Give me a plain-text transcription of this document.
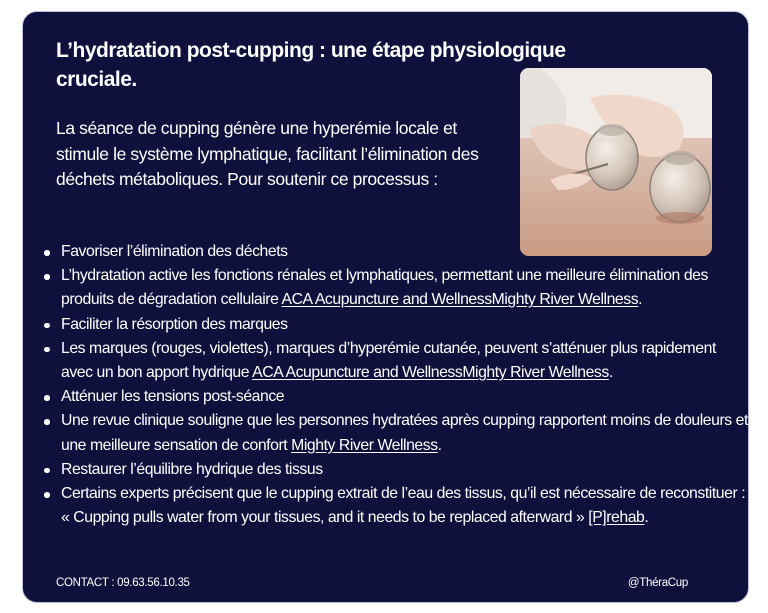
L’hydratation post-cupping : une étape physiologique cruciale.

La séance de cupping génère une hyperémie locale et stimule le système lymphatique, facilitant l’élimination des déchets métaboliques. Pour soutenir ce processus :

Favoriser l’élimination des déchets
L’hydratation active les fonctions rénales et lymphatiques, permettant une meilleure élimination des produits de dégradation cellulaire ACA Acupuncture and WellnessMighty River Wellness.
Faciliter la résorption des marques
Les marques (rouges, violettes), marques d’hyperémie cutanée, peuvent s’atténuer plus rapidement avec un bon apport hydrique ACA Acupuncture and WellnessMighty River Wellness.
Atténuer les tensions post-séance
Une revue clinique souligne que les personnes hydratées après cupping rapportent moins de douleurs et une meilleure sensation de confort Mighty River Wellness.
Restaurer l’équilibre hydrique des tissus
Certains experts précisent que le cupping extrait de l’eau des tissus, qu’il est nécessaire de reconstituer : « Cupping pulls water from your tissues, and it needs to be replaced afterward » [P]rehab.
CONTACT : 09.63.56.10.35	@ThéraCup
